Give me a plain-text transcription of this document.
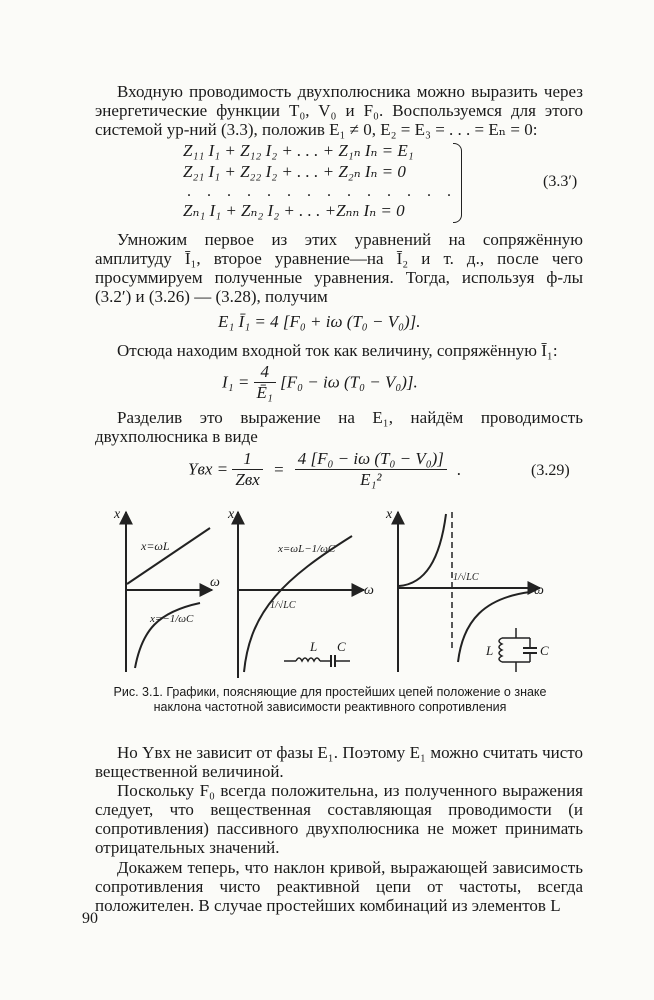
Входную проводимость двухполюсника можно выразить через энергетические функции T₀, V₀ и F₀. Воспользуемся для этого системой ур-ний (3.3), положив E₁ ≠ 0, E₂ = E₃ = . . . = Eₙ = 0:
Z₁₁ I₁ + Z₁₂ I₂ + . . . + Z₁ₙ Iₙ = E₁
Z₂₁ I₁ + Z₂₂ I₂ + . . . + Z₂ₙ Iₙ = 0
. . . . . . . . . . . . . .
Zₙ₁ I₁ + Zₙ₂ I₂ + . . . +Zₙₙ Iₙ = 0
(3.3′)
Умножим первое из этих уравнений на сопряжённую амплитуду Ī₁, второе уравнение—на Ī₂ и т. д., после чего просуммируем полученные уравнения. Тогда, используя ф-лы (3.2′) и (3.26) — (3.28), получим
E₁ Ī₁ = 4 [F₀ + iω (T₀ − V₀)].
Отсюда находим входной ток как величину, сопряжённую Ī₁:
$I_1 = \frac{4}{\text{Ē₁}} [F_0 - i\omega$ (T₀ − V₀)].
Разделив это выражение на E₁, найдём проводимость двухполюсника в виде
Yвх = $\frac{1}{\text{Zвх}} = \frac{\text{4 [F₀ − iω (T₀ − V₀)]}}{\text{E₁²}}$ .	(3.29)
x
ω
x=ωL
x=−1/ωC
x
ω
x=ωL−1/ωC
1/√LC
L C
x
ω
1/√LC
L	C
Рис. 3.1. Графики, поясняющие для простейших цепей положение о знаке наклона частотной зависимости реактивного сопротивления
Но Yвх не зависит от фазы E₁. Поэтому E₁ можно считать чисто вещественной величиной.
Поскольку F₀ всегда положительна, из полученного выражения следует, что вещественная составляющая проводимости (и сопротивления) пассивного двухполюсника не может принимать отрицательных значений.
Докажем теперь, что наклон кривой, выражающей зависимость сопротивления чисто реактивной цепи от частоты, всегда положителен. В случае простейших комбинаций из элементов L
90
